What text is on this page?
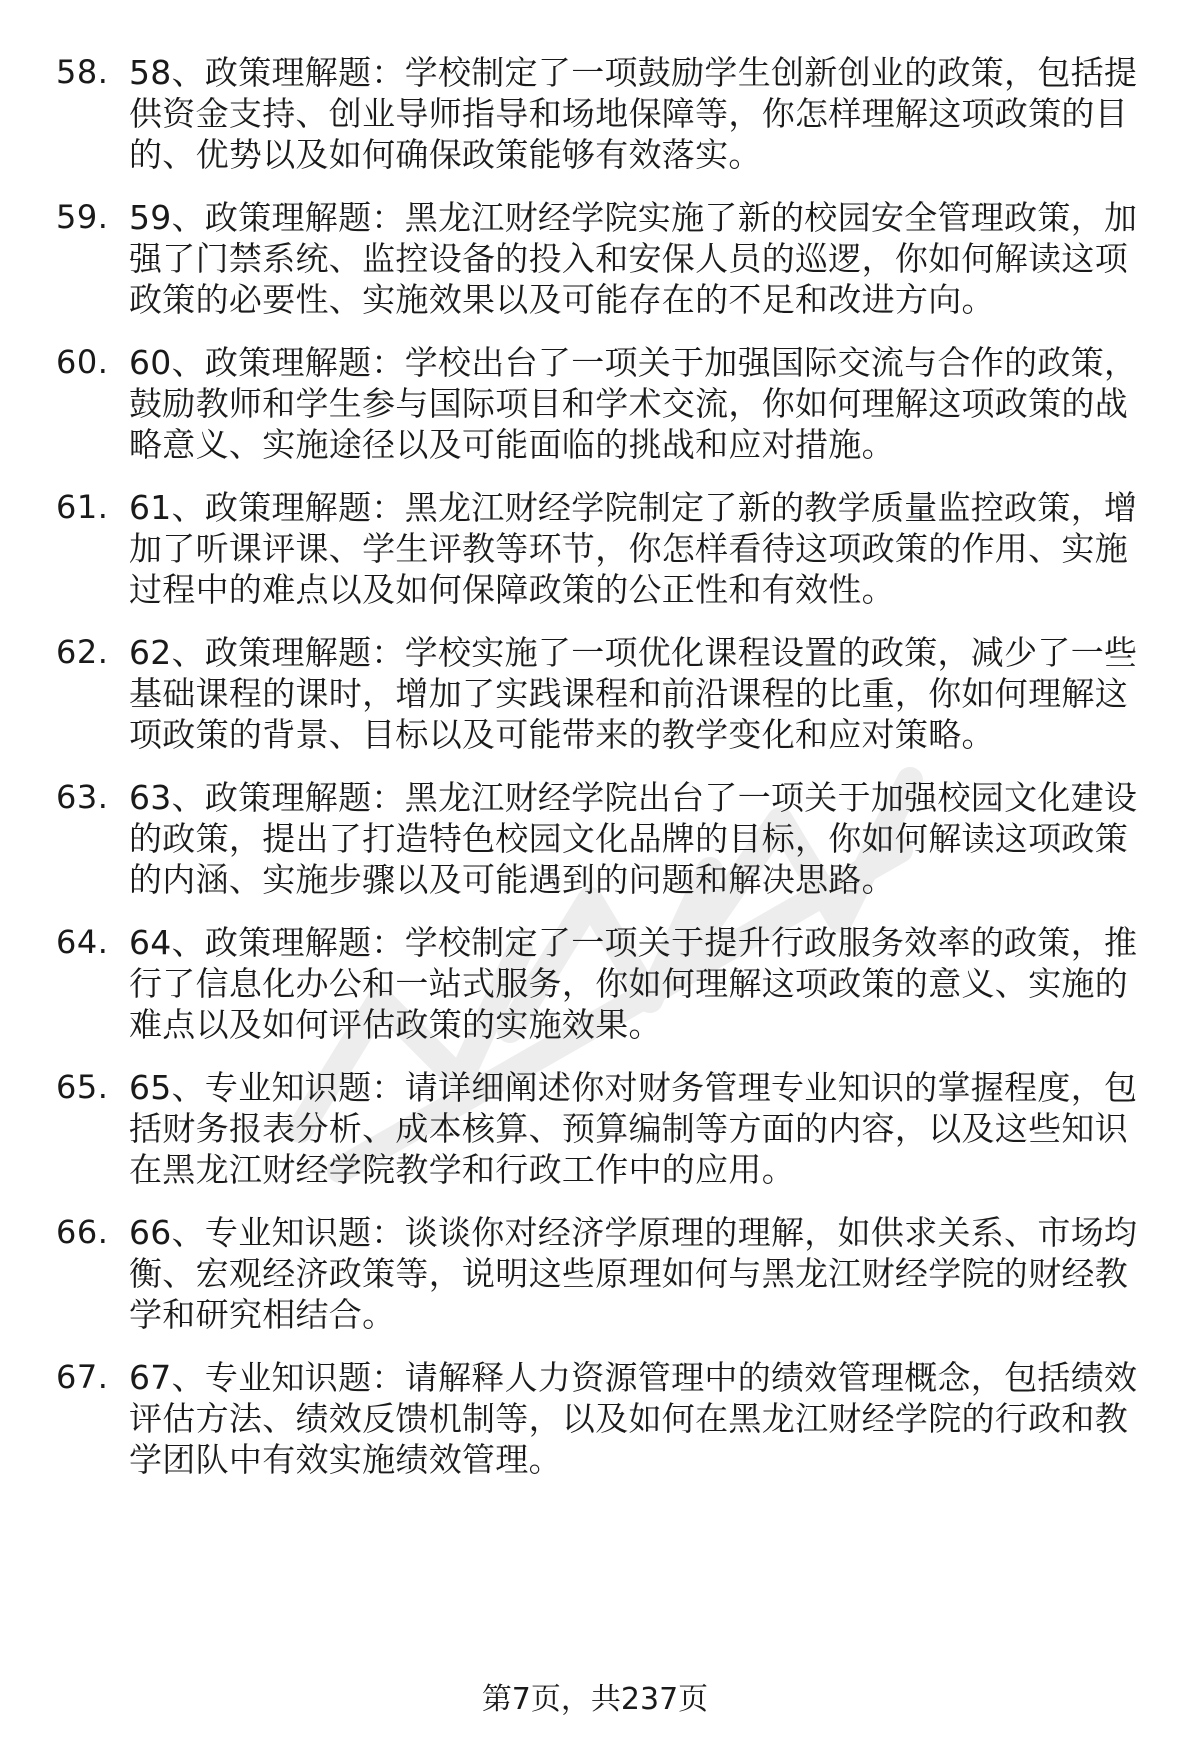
58. 58、政策理解题：学校制定了一项鼓励学生创新创业的政策，包括提供资金支持、创业导师指导和场地保障等，你怎样理解这项政策的目的、优势以及如何确保政策能够有效落实。
59. 59、政策理解题：黑龙江财经学院实施了新的校园安全管理政策，加强了门禁系统、监控设备的投入和安保人员的巡逻，你如何解读这项政策的必要性、实施效果以及可能存在的不足和改进方向。
60. 60、政策理解题：学校出台了一项关于加强国际交流与合作的政策，鼓励教师和学生参与国际项目和学术交流，你如何理解这项政策的战略意义、实施途径以及可能面临的挑战和应对措施。
61. 61、政策理解题：黑龙江财经学院制定了新的教学质量监控政策，增加了听课评课、学生评教等环节，你怎样看待这项政策的作用、实施过程中的难点以及如何保障政策的公正性和有效性。
62. 62、政策理解题：学校实施了一项优化课程设置的政策，减少了一些基础课程的课时，增加了实践课程和前沿课程的比重，你如何理解这项政策的背景、目标以及可能带来的教学变化和应对策略。
63. 63、政策理解题：黑龙江财经学院出台了一项关于加强校园文化建设的政策，提出了打造特色校园文化品牌的目标，你如何解读这项政策的内涵、实施步骤以及可能遇到的问题和解决思路。
64. 64、政策理解题：学校制定了一项关于提升行政服务效率的政策，推行了信息化办公和一站式服务，你如何理解这项政策的意义、实施的难点以及如何评估政策的实施效果。
65. 65、专业知识题：请详细阐述你对财务管理专业知识的掌握程度，包括财务报表分析、成本核算、预算编制等方面的内容，以及这些知识在黑龙江财经学院教学和行政工作中的应用。
66. 66、专业知识题：谈谈你对经济学原理的理解，如供求关系、市场均衡、宏观经济政策等，说明这些原理如何与黑龙江财经学院的财经教学和研究相结合。
67. 67、专业知识题：请解释人力资源管理中的绩效管理概念，包括绩效评估方法、绩效反馈机制等，以及如何在黑龙江财经学院的行政和教学团队中有效实施绩效管理。
第7页，共237页
